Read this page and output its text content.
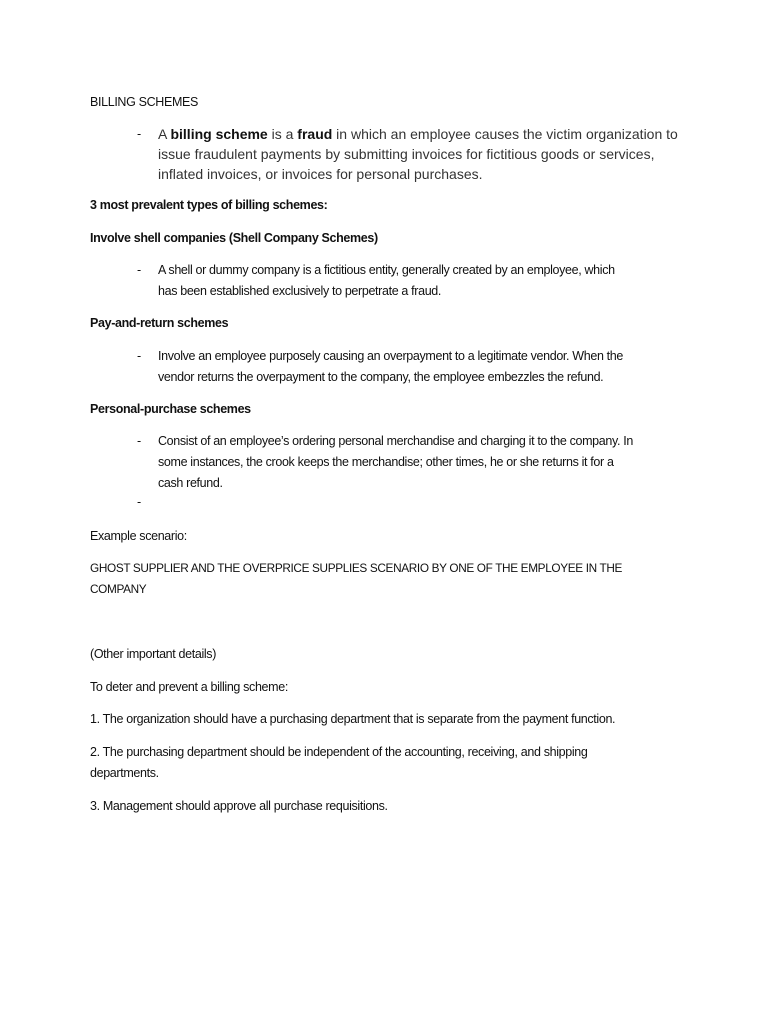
BILLING SCHEMES
- A billing scheme is a fraud in which an employee causes the victim organization to
issue fraudulent payments by submitting invoices for fictitious goods or services,
inflated invoices, or invoices for personal purchases.
3 most prevalent types of billing schemes:
Involve shell companies (Shell Company Schemes)
- A shell or dummy company is a fictitious entity, generally created by an employee, which
has been established exclusively to perpetrate a fraud.
Pay-and-return schemes
- Involve an employee purposely causing an overpayment to a legitimate vendor. When the
vendor returns the overpayment to the company, the employee embezzles the refund.
Personal-purchase schemes
- Consist of an employee’s ordering personal merchandise and charging it to the company. In
some instances, the crook keeps the merchandise; other times, he or she returns it for a
cash refund.
-
Example scenario:
GHOST SUPPLIER AND THE OVERPRICE SUPPLIES SCENARIO BY ONE OF THE EMPLOYEE IN THE
COMPANY
(Other important details)
To deter and prevent a billing scheme:
1. The organization should have a purchasing department that is separate from the payment function.
2. The purchasing department should be independent of the accounting, receiving, and shipping
departments.
3. Management should approve all purchase requisitions.
